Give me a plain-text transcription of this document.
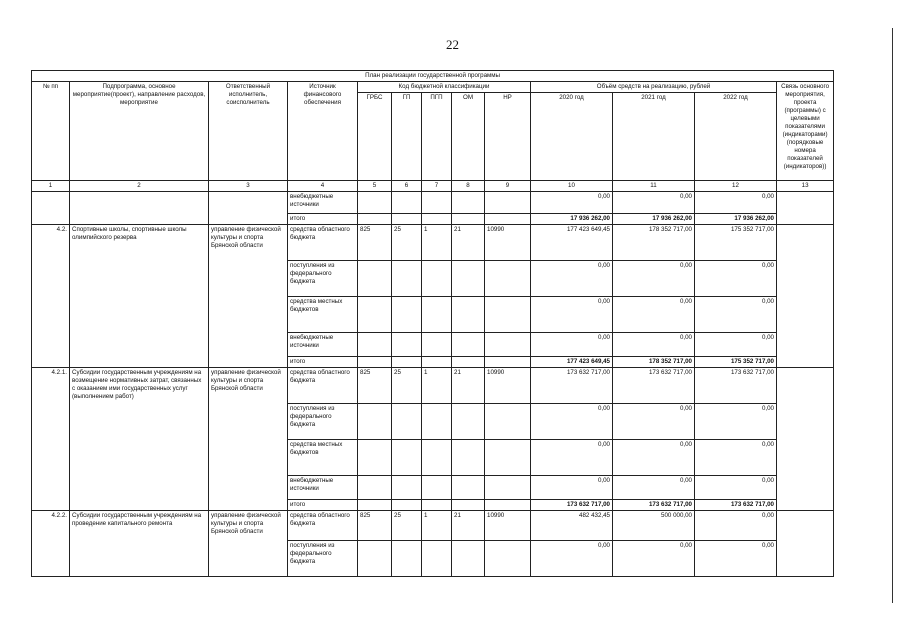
22
План реализации государственной программы												
№ пп	Подпрограмма, основное мероприятие(проект), направление расходов, мероприятие	Ответственный исполнитель, соисполнитель	Источник финансового обеспечения	Код бюджетной классификации					Объём средств на реализацию, рублей			Связь основного мероприятия, проекта (программы) с целевыми показателями (индикаторами) (порядковые номера показателей (индикаторов))
				ГРБС	ГП	ПГП	ОМ	НР	2020 год	2021 год	2022 год	
1	2	3	4	5	6	7	8	9	10	11	12	13
			внебюджетные источники						0,00	0,00	0,00	
			итого						17 936 262,00	17 936 262,00	17 936 262,00	
4.2.	Спортивные школы, спортивные школы олимпийского резерва	управление физической культуры и спорта Брянской области	средства областного бюджета	825	25	1	21	10990	177 423 649,45	178 352 717,00	175 352 717,00	
			поступления из федерального бюджета						0,00	0,00	0,00	
			средства местных бюджетов						0,00	0,00	0,00	
			внебюджетные источники						0,00	0,00	0,00	
			итого						177 423 649,45	178 352 717,00	175 352 717,00	
4.2.1.	Субсидии государственным учреждениям на возмещение нормативных затрат, связанных с оказанием ими государственных услуг (выполнением работ)	управление физической культуры и спорта Брянской области	средства областного бюджета	825	25	1	21	10990	173 632 717,00	173 632 717,00	173 632 717,00	
			поступления из федерального бюджета						0,00	0,00	0,00	
			средства местных бюджетов						0,00	0,00	0,00	
			внебюджетные источники						0,00	0,00	0,00	
			итого						173 632 717,00	173 632 717,00	173 632 717,00	
4.2.2.	Субсидии государственным учреждениям на проведение капитального ремонта	управление физической культуры и спорта Брянской области	средства областного бюджета	825	25	1	21	10990	482 432,45	500 000,00	0,00	
			поступления из федерального бюджета						0,00	0,00	0,00	
